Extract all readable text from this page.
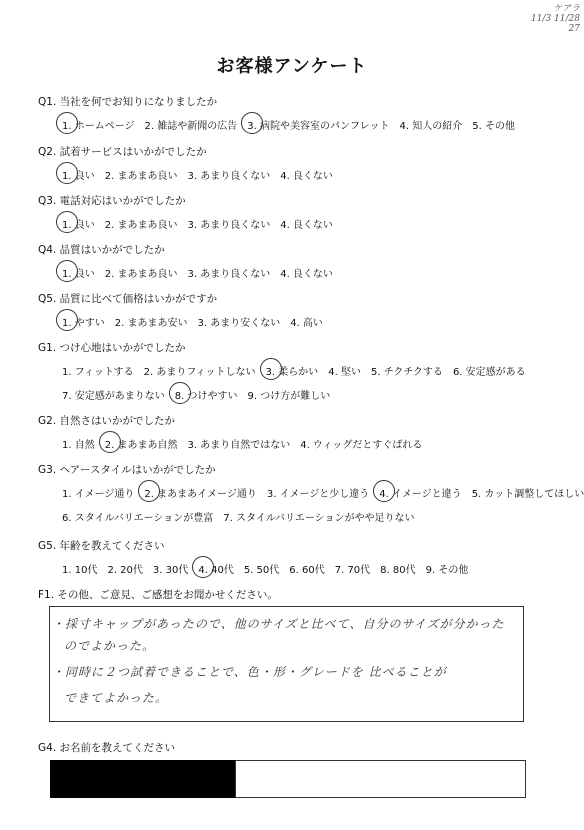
ケアラ
11/3 11/28
27
お客様アンケート
Q1. 当社を何でお知りになりましたか
1. ホームページ 2. 雑誌や新聞の広告 3. 病院や美容室のパンフレット 4. 知人の紹介 5. その他
Q2. 試着サービスはいかがでしたか
1. 良い 2. まあまあ良い 3. あまり良くない 4. 良くない
Q3. 電話対応はいかがでしたか
1. 良い 2. まあまあ良い 3. あまり良くない 4. 良くない
Q4. 品質はいかがでしたか
1. 良い 2. まあまあ良い 3. あまり良くない 4. 良くない
Q5. 品質に比べて価格はいかがですか
1. やすい 2. まあまあ安い 3. あまり安くない 4. 高い
G1. つけ心地はいかがでしたか
1. フィットする 2. あまりフィットしない 3. 柔らかい 4. 堅い 5. チクチクする 6. 安定感がある
7. 安定感があまりない 8. つけやすい 9. つけ方が難しい
G2. 自然さはいかがでしたか
1. 自然 2. まあまあ自然 3. あまり自然ではない 4. ウィッグだとすぐばれる
G3. ヘアースタイルはいかがでしたか
1. イメージ通り 2. まあまあイメージ通り 3. イメージと少し違う 4. イメージと違う 5. カット調整してほしい
6. スタイルバリエーションが豊富 7. スタイルバリエーションがやや足りない
G5. 年齢を教えてください
1. 10代 2. 20代 3. 30代 4. 40代 5. 50代 6. 60代 7. 70代 8. 80代 9. その他
F1. その他、ご意見、ご感想をお聞かせください。
・採寸キャップがあったので、他のサイズと比べて、自分のサイズが分かった
のでよかった。
・同時に２つ試着できることで、色・形・グレードを 比べることが
できてよかった。
G4. お名前を教えてください
